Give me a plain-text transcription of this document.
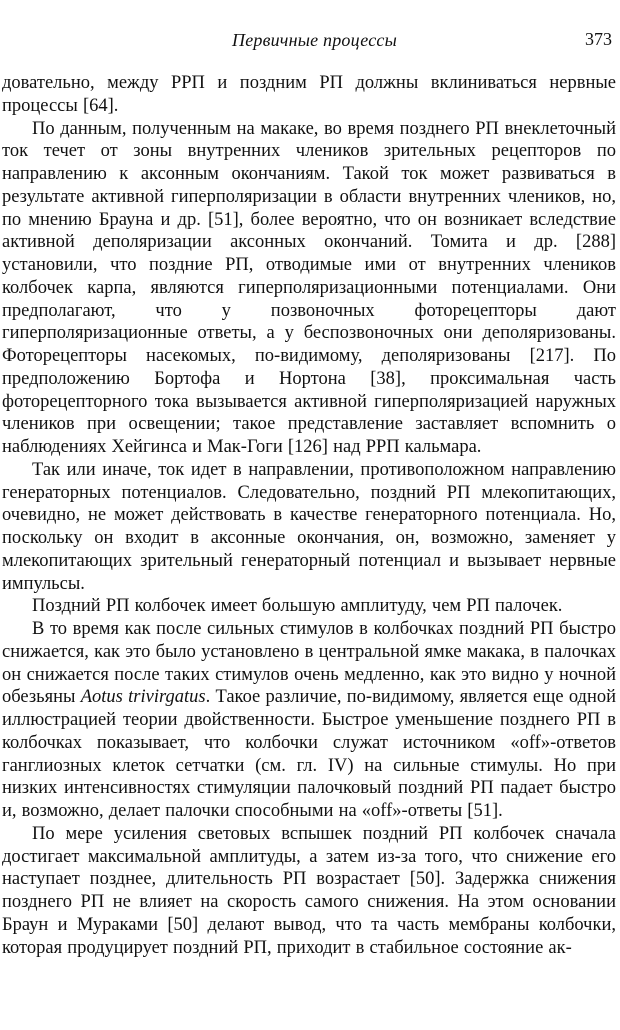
Первичные процессы	373

довательно, между РРП и поздним РП должны вклиниваться нервные процессы [64].

По данным, полученным на макаке, во время позднего РП внеклеточный ток течет от зоны внутренних члеников зрительных рецепторов по направлению к аксонным окончаниям. Такой ток может развиваться в результате активной гиперполяризации в области внутренних члеников, но, по мнению Брауна и др. [51], более вероятно, что он возникает вследствие активной деполяризации аксонных окончаний. Томита и др. [288] установили, что поздние РП, отводимые ими от внутренних члеников колбочек карпа, являются гиперполяризационными потенциалами. Они предполагают, что у позвоночных фоторецепторы дают гиперполяризационные ответы, а у беспозвоночных они деполяризованы. Фоторецепторы насекомых, по-видимому, деполяризованы [217]. По предположению Бортофа и Нортона [38], проксимальная часть фоторецепторного тока вызывается активной гиперполяризацией наружных члеников при освещении; такое представление заставляет вспомнить о наблюдениях Хейгинса и Мак-Гоги [126] над РРП кальмара.

Так или иначе, ток идет в направлении, противоположном направлению генераторных потенциалов. Следовательно, поздний РП млекопитающих, очевидно, не может действовать в качестве генераторного потенциала. Но, поскольку он входит в аксонные окончания, он, возможно, заменяет у млекопитающих зрительный генераторный потенциал и вызывает нервные импульсы.

Поздний РП колбочек имеет большую амплитуду, чем РП палочек.

В то время как после сильных стимулов в колбочках поздний РП быстро снижается, как это было установлено в центральной ямке макака, в палочках он снижается после таких стимулов очень медленно, как это видно у ночной обезьяны Aotus trivirgatus. Такое различие, по-видимому, является еще одной иллюстрацией теории двойственности. Быстрое уменьшение позднего РП в колбочках показывает, что колбочки служат источником «off»-ответов ганглиозных клеток сетчатки (см. гл. IV) на сильные стимулы. Но при низких интенсивностях стимуляции палочковый поздний РП падает быстро и, возможно, делает палочки способными на «off»-ответы [51].

По мере усиления световых вспышек поздний РП колбочек сначала достигает максимальной амплитуды, а затем из-за того, что снижение его наступает позднее, длительность РП возрастает [50]. Задержка снижения позднего РП не влияет на скорость самого снижения. На этом основании Браун и Мураками [50] делают вывод, что та часть мембраны колбочки, которая продуцирует поздний РП, приходит в стабильное состояние ак-
